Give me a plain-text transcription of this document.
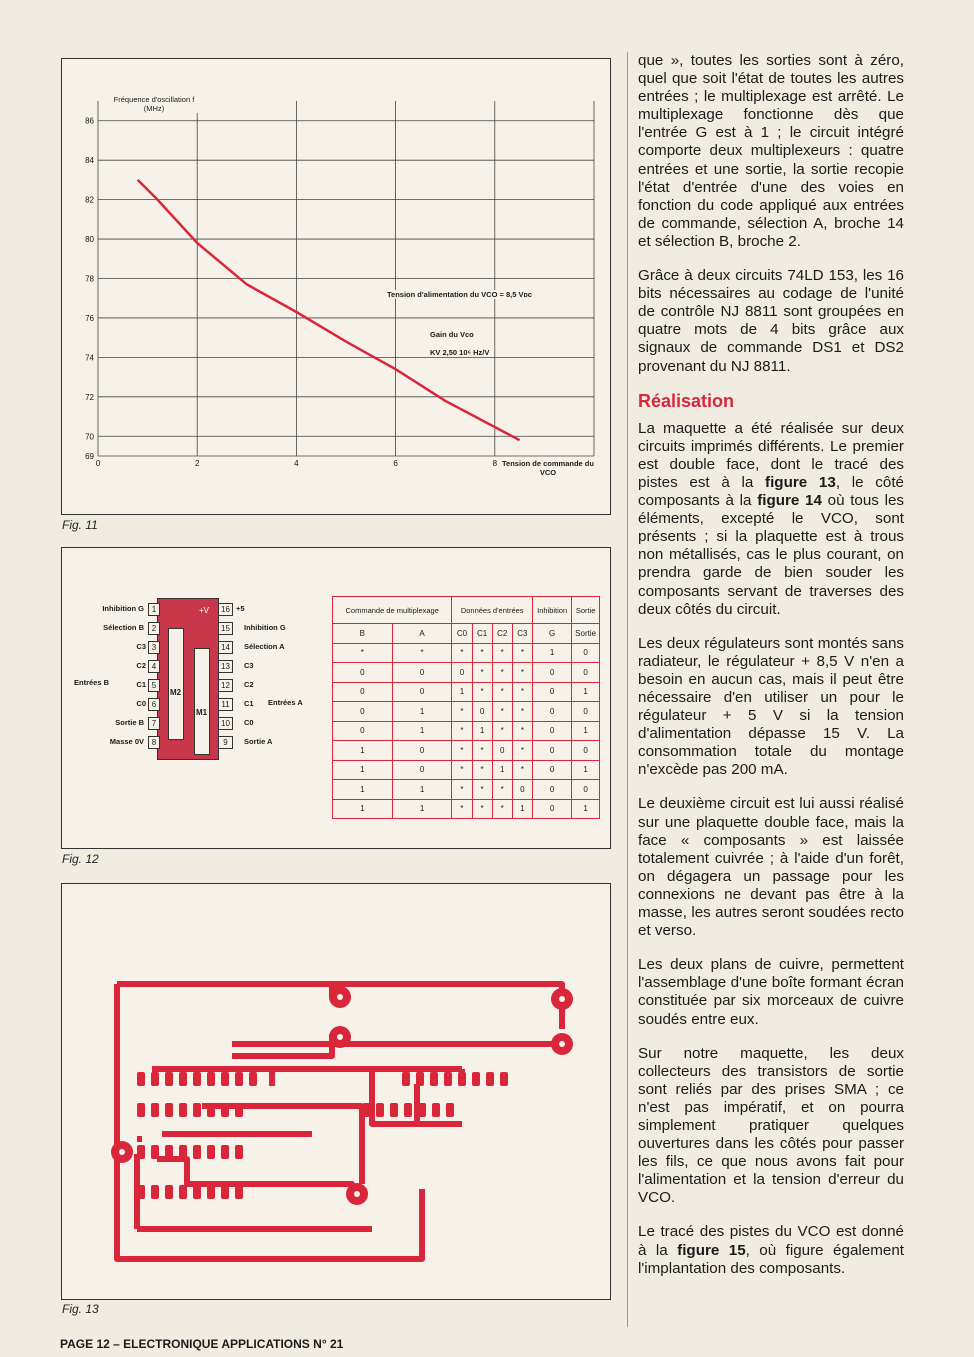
69
70
72
74
76
78
80
82
84
86
0	2	4	6	8
Fréquence d'oscillation f (MHz)
Tension de commande du VCO
Tension d'alimentation du VCO = 8,5 Vᴅᴄ
Gain du Vᴄᴏ
KV 2,50 10⁶ Hz/V
Fig. 11
M2
M1
+V
Inhibition G 1
Sélection B 2
C3 3
C2 4
C1 5
C0 6
Sortie B 7
Masse 0V 8
16 +5
15	Inhibition G
14	Sélection A
13	C3
12	C2
11	C1
10	C0
9	Sortie A
Entrées B
Entrées A
Commande de multiplexage		Données d'entrées				Inhibition	Sortie
B	A	C0	C1	C2	C3	G	Sortie
*	*	*	*	*	*	1	0
0	0	0	*	*	*	0	0
0	0	1	*	*	*	0	1
0	1	*	0	*	*	0	0
0	1	*	1	*	*	0	1
1	0	*	*	0	*	0	0
1	0	*	*	1	*	0	1
1	1	*	*	*	0	0	0
1	1	*	*	*	1	0	1
Fig. 12
Fig. 13

que », toutes les sorties sont à zéro, quel que soit l'état de toutes les autres entrées ; le multiplexage est arrêté. Le multiplexage fonctionne dès que l'entrée G est à 1 ; le circuit intégré comporte deux multiplexeurs : quatre entrées et une sortie, la sortie recopie l'état d'entrée d'une des voies en fonction du code appliqué aux entrées de commande, sélection A, broche 14 et sélection B, broche 2.

Grâce à deux circuits 74LD 153, les 16 bits nécessaires au codage de l'unité de contrôle NJ 8811 sont groupées en quatre mots de 4 bits grâce aux signaux de commande DS1 et DS2 provenant du NJ 8811.

Réalisation

La maquette a été réalisée sur deux circuits imprimés différents. Le premier est double face, dont le tracé des pistes est à la figure 13, le côté composants à la figure 14 où tous les éléments, excepté le VCO, sont présents ; si la plaquette est à trous non métallisés, cas le plus courant, on prendra garde de bien souder les composants servant de traverses des deux côtés du circuit.

Les deux régulateurs sont montés sans radiateur, le régulateur + 8,5 V n'en a besoin en aucun cas, mais il peut être nécessaire d'en utiliser un pour le régulateur + 5 V si la tension d'alimentation dépasse 15 V. La consommation totale du montage n'excède pas 200 mA.

Le deuxième circuit est lui aussi réalisé sur une plaquette double face, mais la face « composants » est laissée totalement cuivrée ; à l'aide d'un forêt, on dégagera un passage pour les connexions ne devant pas être à la masse, les autres seront soudées recto et verso.

Les deux plans de cuivre, permettent l'assemblage d'une boîte formant écran constituée par six morceaux de cuivre soudés entre eux.

Sur notre maquette, les deux collecteurs des transistors de sortie sont reliés par des prises SMA ; ce n'est pas impératif, et on pourra simplement pratiquer quelques ouvertures dans les côtés pour passer les fils, ce que nous avons fait pour l'alimentation et la tension d'erreur du VCO.

Le tracé des pistes du VCO est donné à la figure 15, où figure également l'implantation des composants.

PAGE 12 – ELECTRONIQUE APPLICATIONS N° 21
